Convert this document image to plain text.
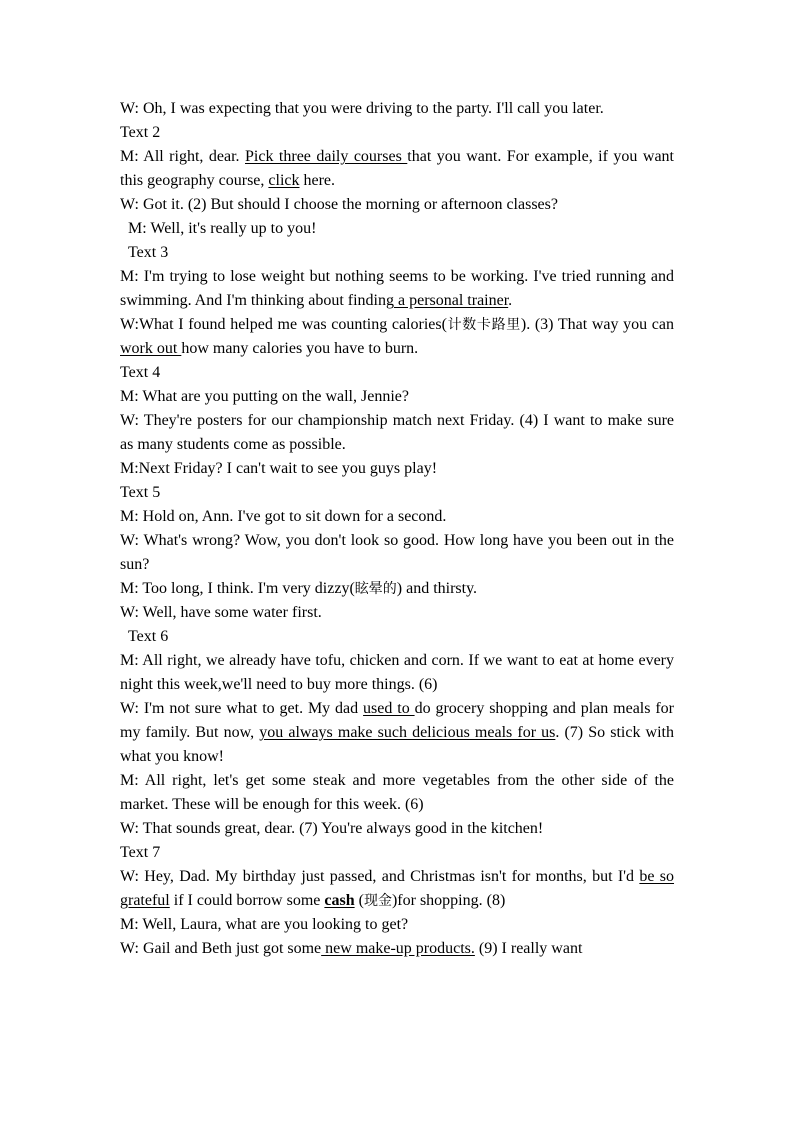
W: Oh, I was expecting that you were driving to the party. I'll call you later.

Text 2

M: All right, dear. Pick three daily courses that you want. For example, if you want this geography course, click here.

W: Got it. (2) But should I choose the morning or afternoon classes?

M: Well, it's really up to you!

Text 3

M: I'm trying to lose weight but nothing seems to be working. I've tried running and swimming. And I'm thinking about finding a personal trainer.

W:What I found helped me was counting calories(计数卡路里). (3) That way you can work out how many calories you have to burn.

Text 4

M: What are you putting on the wall, Jennie?

W: They're posters for our championship match next Friday. (4) I want to make sure as many students come as possible.

M:Next Friday? I can't wait to see you guys play!

Text 5

M: Hold on, Ann. I've got to sit down for a second.

W: What's wrong? Wow, you don't look so good. How long have you been out in the sun?

M: Too long, I think. I'm very dizzy(眩晕的) and thirsty.

W: Well, have some water first.

Text 6

M: All right, we already have tofu, chicken and corn. If we want to eat at home every night this week,we'll need to buy more things. (6)

W: I'm not sure what to get. My dad used to do grocery shopping and plan meals for my family. But now, you always make such delicious meals for us. (7) So stick with what you know!

M: All right, let's get some steak and more vegetables from the other side of the market. These will be enough for this week. (6)

W: That sounds great, dear. (7) You're always good in the kitchen!

Text 7

W: Hey, Dad. My birthday just passed, and Christmas isn't for months, but I'd be so grateful if I could borrow some cash (现金)for shopping. (8)

M: Well, Laura, what are you looking to get?

W: Gail and Beth just got some new make-up products. (9) I really want
